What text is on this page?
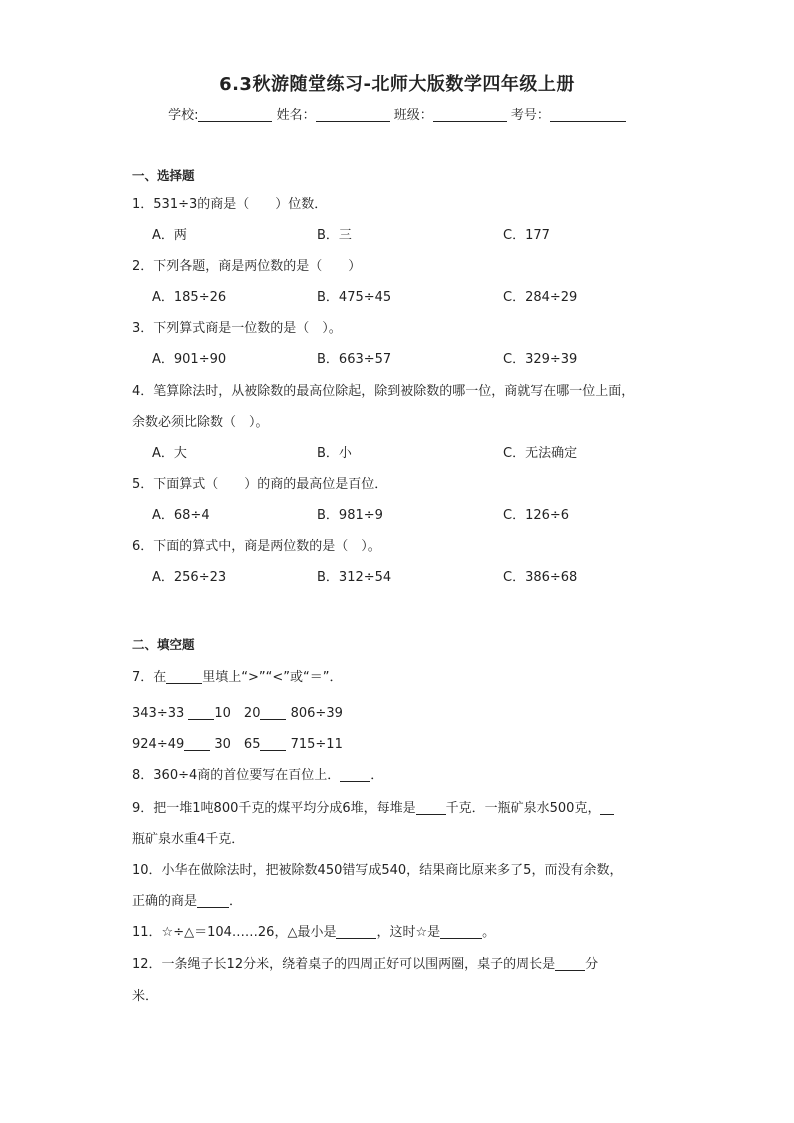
6.3秋游随堂练习-北师大版数学四年级上册
学校:	姓名：	班级：	考号：
一、选择题
1．531÷3的商是（　　）位数．
A．两	B．三	C．177
2．下列各题，商是两位数的是（　　）
A．185÷26	B．475÷45	C．284÷29
3．下列算式商是一位数的是（　）。
A．901÷90	B．663÷57	C．329÷39
4．笔算除法时，从被除数的最高位除起，除到被除数的哪一位，商就写在哪一位上面，
余数必须比除数（　）。
A．大	B．小	C．无法确定
5．下面算式（　　）的商的最高位是百位．
A．68÷4	B．981÷9	C．126÷6
6．下面的算式中，商是两位数的是（　）。
A．256÷23	B．312÷54	C．386÷68
二、填空题
7．在	里填上“>”“<”或“＝”．
343÷33 10　20 806÷39
924÷49 30　65 715÷11
8．360÷4商的首位要写在百位上． ．
9．把一堆1吨800千克的煤平均分成6堆，每堆是 千克．一瓶矿泉水500克，
瓶矿泉水重4千克．
10．小华在做除法时，把被除数450错写成540，结果商比原来多了5，而没有余数，
正确的商是 ．
11．☆÷△＝104……26，△最小是	，这时☆是	。
12．一条绳子长12分米，绕着桌子的四周正好可以围两圈，桌子的周长是 分
米．
